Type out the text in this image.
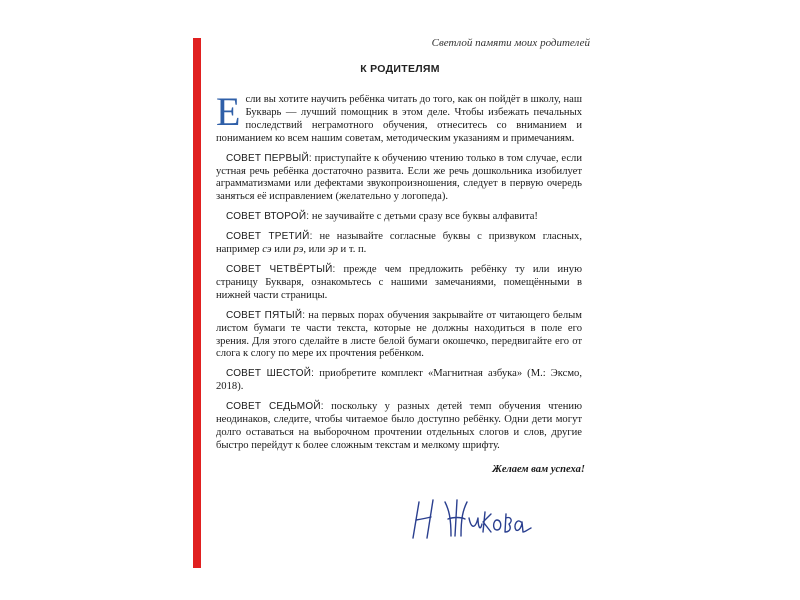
Светлой памяти моих родителей
К РОДИТЕЛЯМ

Если вы хотите научить ребёнка читать до того, как он пойдёт в школу, наш Букварь — лучший помощник в этом деле. Чтобы избежать печальных последствий неграмотного обучения, отнеситесь со вниманием и пониманием ко всем нашим советам, методическим указаниям и примечаниям.

СОВЕТ ПЕРВЫЙ: приступайте к обучению чтению только в том случае, если устная речь ребёнка достаточно развита. Если же речь дошкольника изобилует аграмматизмами или дефектами звукопроизношения, следует в первую очередь заняться её исправлением (желательно у логопеда).

СОВЕТ ВТОРОЙ: не заучивайте с детьми сразу все буквы алфавита!

СОВЕТ ТРЕТИЙ: не называйте согласные буквы с призвуком гласных, например сэ или рэ, или эр и т. п.

СОВЕТ ЧЕТВЁРТЫЙ: прежде чем предложить ребёнку ту или иную страницу Букваря, ознакомьтесь с нашими замечаниями, помещёнными в нижней части страницы.

СОВЕТ ПЯТЫЙ: на первых порах обучения закрывайте от читающего белым листом бумаги те части текста, которые не должны находиться в поле его зрения. Для этого сделайте в листе белой бумаги окошечко, передвигайте его от слога к слогу по мере их прочтения ребёнком.

СОВЕТ ШЕСТОЙ: приобретите комплект «Магнитная азбука» (М.: Эксмо, 2018).

СОВЕТ СЕДЬМОЙ: поскольку у разных детей темп обучения чтению неодинаков, следите, чтобы читаемое было доступно ребёнку. Одни дети могут долго оставаться на выборочном прочтении отдельных слогов и слов, другие быстро перейдут к более сложным текстам и мелкому шрифту.

Желаем вам успеха!
